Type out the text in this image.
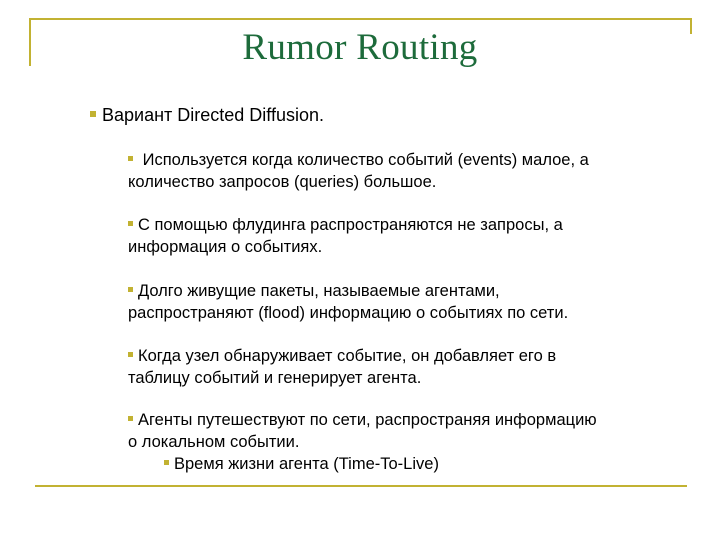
Rumor Routing
Вариант Directed Diffusion.
Используется когда количество событий (events) малое, а
количество запросов (queries) большое.
С помощью флудинга распространяются не запросы, а
информация о событиях.
Долго живущие пакеты, называемые агентами,
распространяют (flood) информацию о событиях по сети.
Когда узел обнаруживает событие, он добавляет его в
таблицу событий и генерирует агента.
Агенты путешествуют по сети, распространяя информацию
о локальном событии.
Время жизни агента (Time-To-Live)
